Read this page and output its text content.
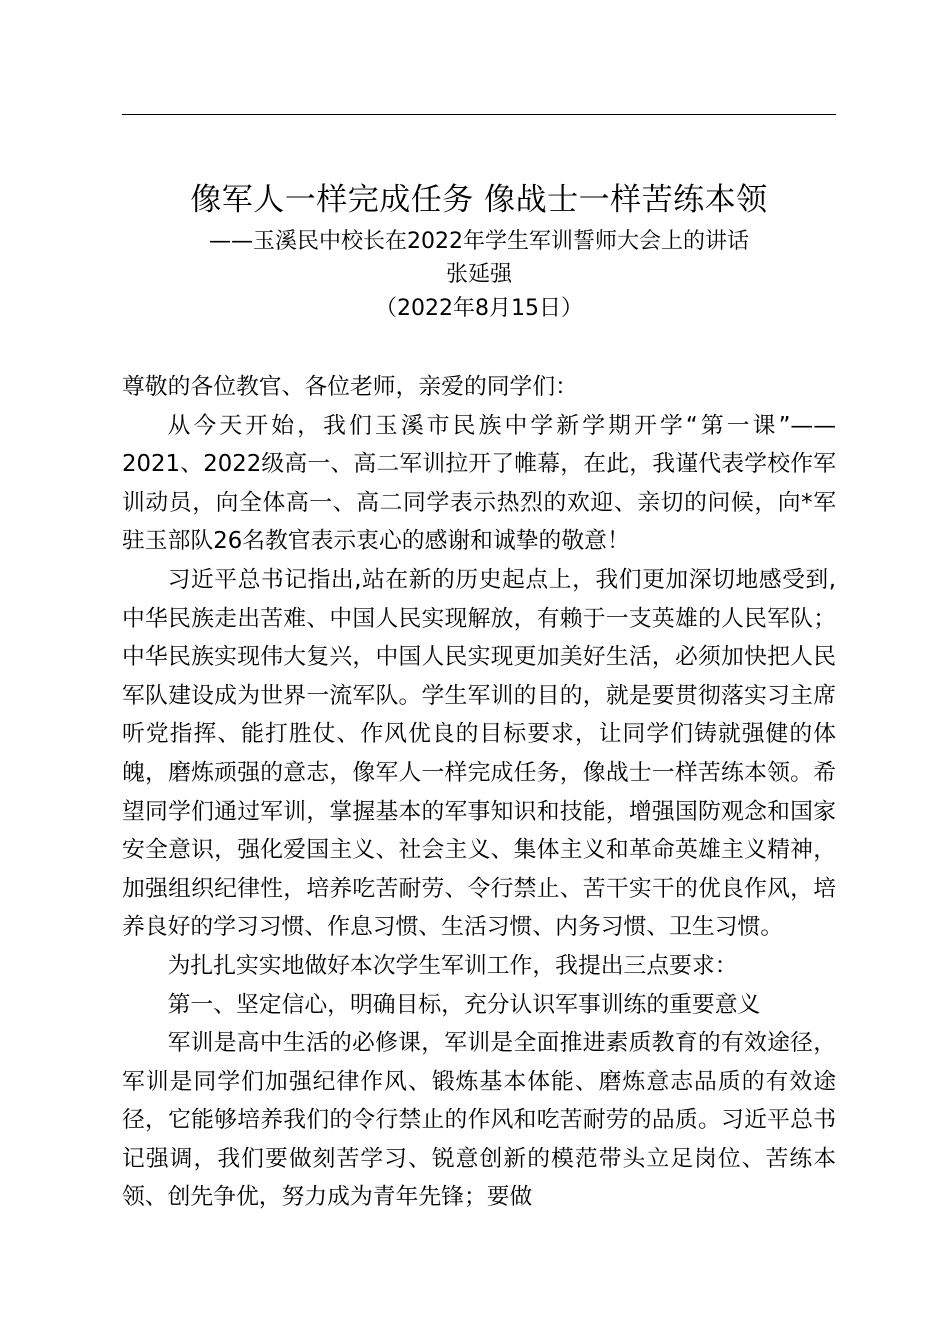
像军人一样完成任务 像战士一样苦练本领
——玉溪民中校长在2022年学生军训誓师大会上的讲话
张延强
（2022年8月15日）

尊敬的各位教官、各位老师，亲爱的同学们：

从今天开始，我们玉溪市民族中学新学期开学“第一课”——2021、2022级高一、高二军训拉开了帷幕，在此，我谨代表学校作军训动员，向全体高一、高二同学表示热烈的欢迎、亲切的问候，向*军驻玉部队26名教官表示衷心的感谢和诚挚的敬意！

习近平总书记指出,站在新的历史起点上，我们更加深切地感受到,中华民族走出苦难、中国人民实现解放，有赖于一支英雄的人民军队；中华民族实现伟大复兴，中国人民实现更加美好生活，必须加快把人民军队建设成为世界一流军队。学生军训的目的，就是要贯彻落实习主席听党指挥、能打胜仗、作风优良的目标要求，让同学们铸就强健的体魄，磨炼顽强的意志，像军人一样完成任务，像战士一样苦练本领。希望同学们通过军训，掌握基本的军事知识和技能，增强国防观念和国家安全意识，强化爱国主义、社会主义、集体主义和革命英雄主义精神，加强组织纪律性，培养吃苦耐劳、令行禁止、苦干实干的优良作风，培养良好的学习习惯、作息习惯、生活习惯、内务习惯、卫生习惯。

为扎扎实实地做好本次学生军训工作，我提出三点要求：

第一、坚定信心，明确目标，充分认识军事训练的重要意义

军训是高中生活的必修课，军训是全面推进素质教育的有效途径，军训是同学们加强纪律作风、锻炼基本体能、磨炼意志品质的有效途径，它能够培养我们的令行禁止的作风和吃苦耐劳的品质。习近平总书记强调，我们要做刻苦学习、锐意创新的模范带头立足岗位、苦练本领、创先争优，努力成为青年先锋；要做
